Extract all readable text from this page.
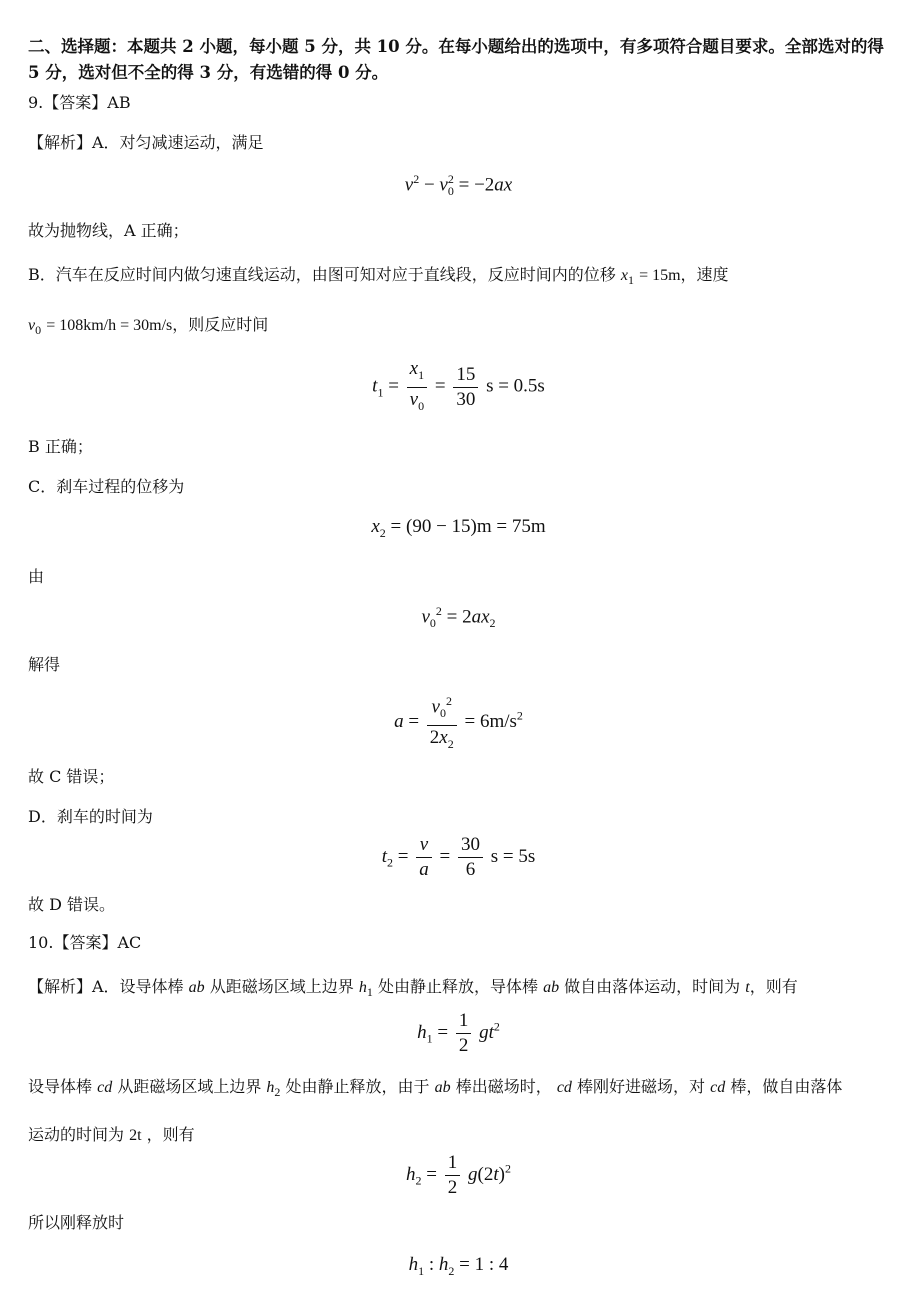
二、选择题：本题共 2 小题，每小题 5 分，共 10 分。在每小题给出的选项中，有多项符合题目要求。全部选对的得 5 分，选对但不全的得 3 分，有选错的得 0 分。
9.【答案】AB
【解析】A．对匀减速运动，满足
$v^2 - v_0^2 = -2ax$
故为抛物线，A 正确；
B．汽车在反应时间内做匀速直线运动，由图可知对应于直线段，反应时间内的位移 $x_1 = 15m$，速度
$v_0 = 108km/h = 30m/s$，则反应时间
$t_1 = \frac{x_1}{v_0} = \frac{15}{30}$ s = 0.5s
B 正确；
C．刹车过程的位移为
$x_2 = (90 - 15)m = 75m$
由
$v_0^2 = 2ax_2$
解得
$a = \frac{v_0^2}{2x_2} = 6m/s^2$
故 C 错误；
D．刹车的时间为
$t_2 = \frac{v}{a} = \frac{30}{6}$ s = 5s
故 D 错误。
10.【答案】AC
【解析】A．设导体棒 ab 从距磁场区域上边界 $h_1$ 处由静止释放，导体棒 ab 做自由落体运动，时间为 t，则有
$h_1 = \frac{1}{2} gt^2$
设导体棒 cd 从距磁场区域上边界 $h_2$ 处由静止释放，由于 ab 棒出磁场时， cd 棒刚好进磁场，对 cd 棒，做自由落体
运动的时间为 2t ，则有
$h_2 = \frac{1}{2} g(2t)^2$
所以刚释放时
$h_1$ : $h_2 = 1$ : 4
